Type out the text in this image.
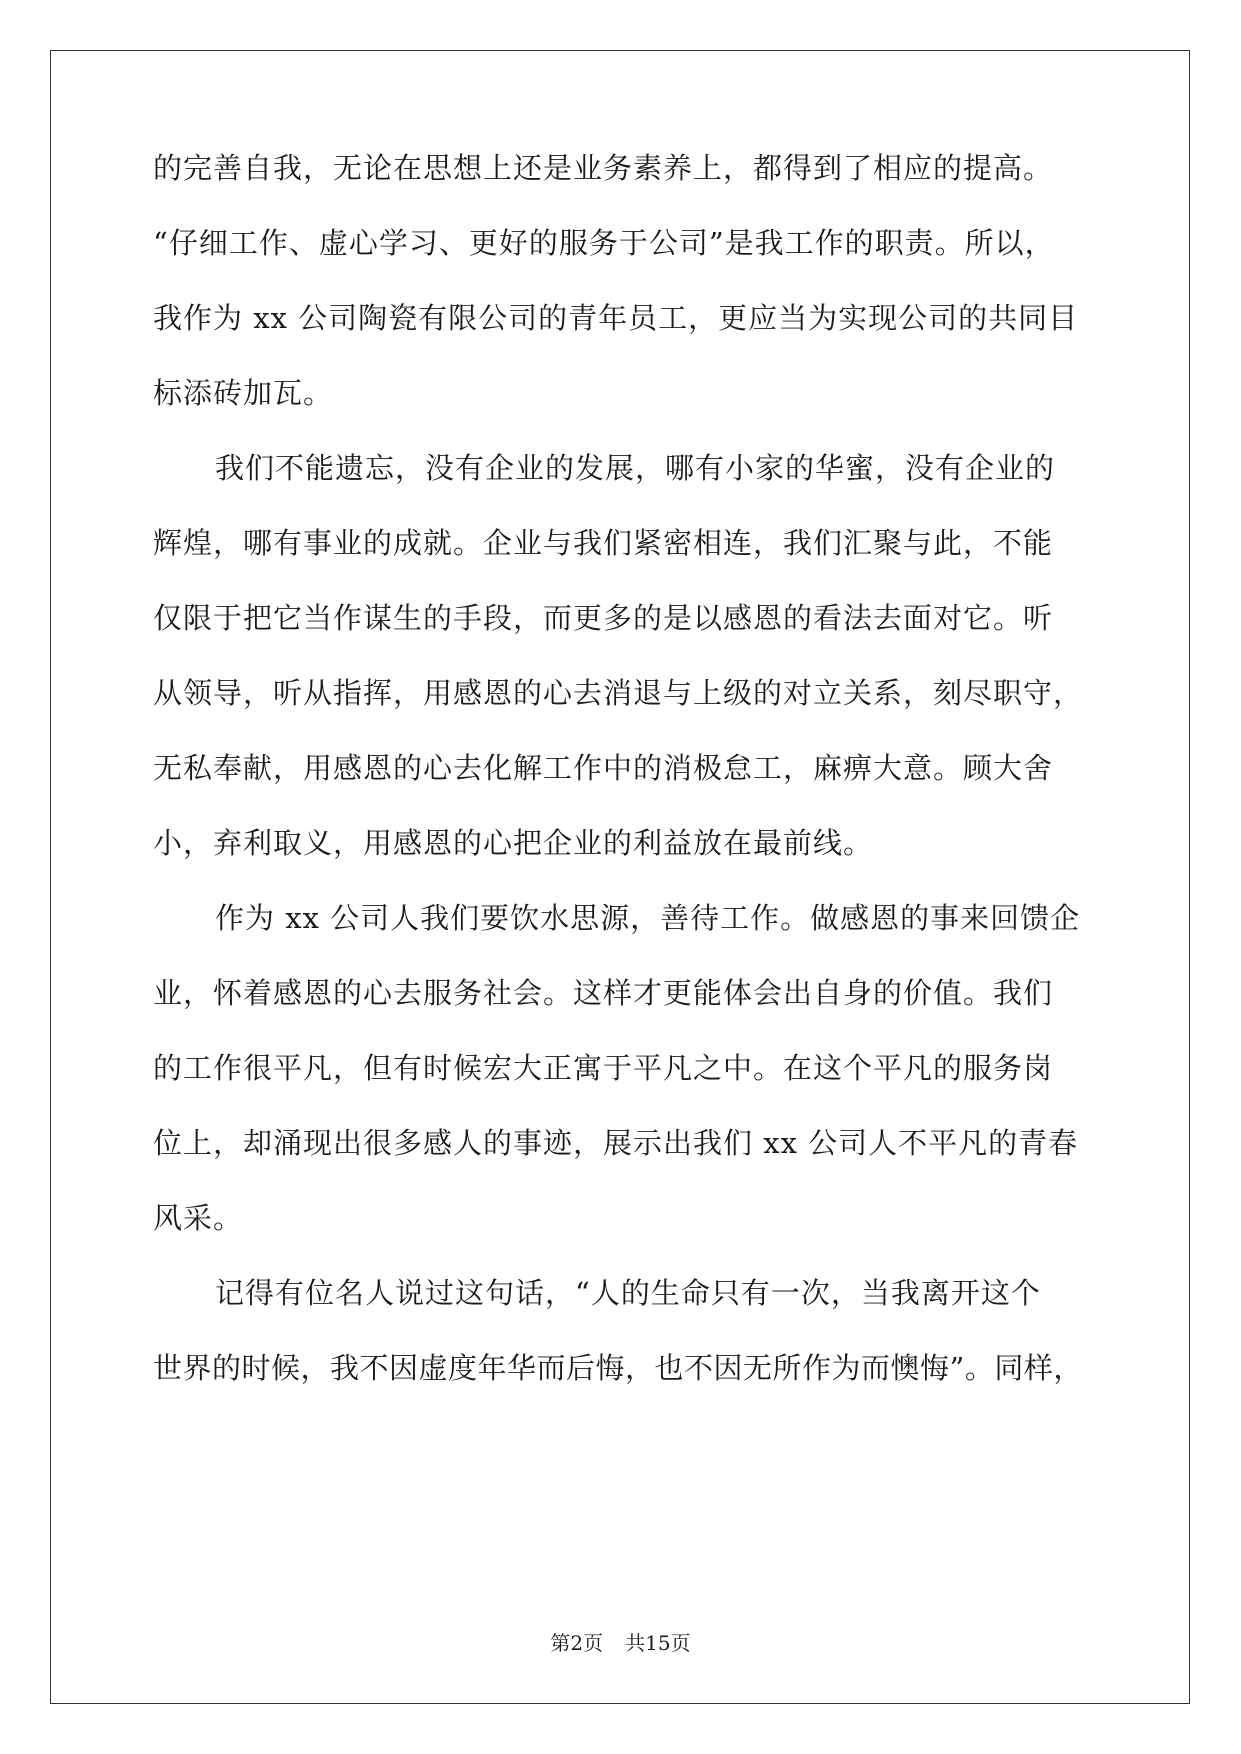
的完善自我，无论在思想上还是业务素养上，都得到了相应的提高。
“仔细工作、虚心学习、更好的服务于公司”是我工作的职责。所以，
我作为 xx 公司陶瓷有限公司的青年员工，更应当为实现公司的共同目
标添砖加瓦。
我们不能遗忘，没有企业的发展，哪有小家的华蜜，没有企业的
辉煌，哪有事业的成就。企业与我们紧密相连，我们汇聚与此，不能
仅限于把它当作谋生的手段，而更多的是以感恩的看法去面对它。听
从领导，听从指挥，用感恩的心去消退与上级的对立关系，刻尽职守，
无私奉献，用感恩的心去化解工作中的消极怠工，麻痹大意。顾大舍
小，弃利取义，用感恩的心把企业的利益放在最前线。
作为 xx 公司人我们要饮水思源，善待工作。做感恩的事来回馈企
业，怀着感恩的心去服务社会。这样才更能体会出自身的价值。我们
的工作很平凡，但有时候宏大正寓于平凡之中。在这个平凡的服务岗
位上，却涌现出很多感人的事迹，展示出我们 xx 公司人不平凡的青春
风采。
记得有位名人说过这句话，“人的生命只有一次，当我离开这个
世界的时候，我不因虚度年华而后悔，也不因无所作为而懊悔”。同样，
第2页 共15页
